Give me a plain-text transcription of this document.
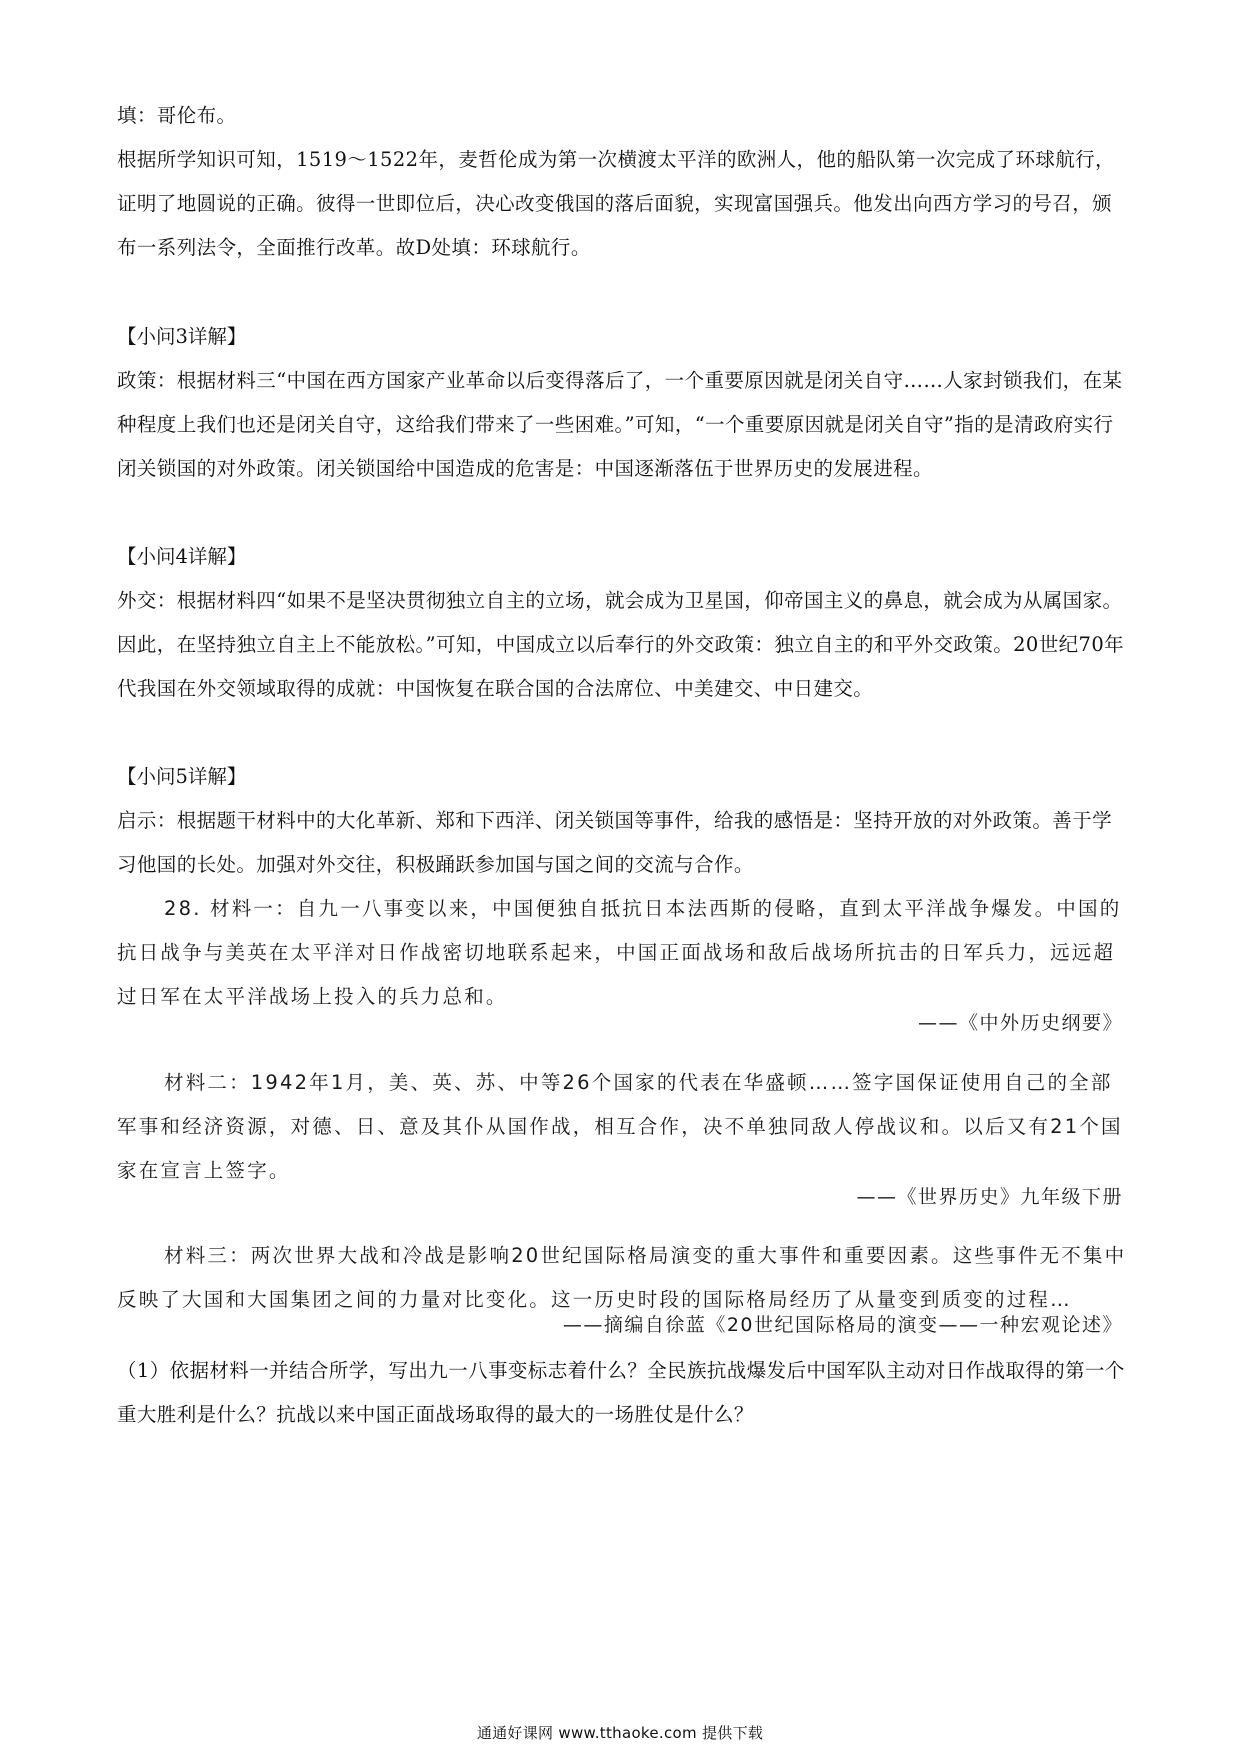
填：哥伦布。
根据所学知识可知，1519～1522年，麦哲伦成为第一次横渡太平洋的欧洲人，他的船队第一次完成了环球航行，证明了地圆说的正确。彼得一世即位后，决心改变俄国的落后面貌，实现富国强兵。他发出向西方学习的号召，颁布一系列法令，全面推行改革。故D处填：环球航行。
【小问3详解】
政策：根据材料三“中国在西方国家产业革命以后变得落后了，一个重要原因就是闭关自守……人家封锁我们，在某种程度上我们也还是闭关自守，这给我们带来了一些困难。”可知，“一个重要原因就是闭关自守”指的是清政府实行闭关锁国的对外政策。闭关锁国给中国造成的危害是：中国逐渐落伍于世界历史的发展进程。
【小问4详解】
外交：根据材料四“如果不是坚决贯彻独立自主的立场，就会成为卫星国，仰帝国主义的鼻息，就会成为从属国家。因此，在坚持独立自主上不能放松。”可知，中国成立以后奉行的外交政策：独立自主的和平外交政策。20世纪70年代我国在外交领域取得的成就：中国恢复在联合国的合法席位、中美建交、中日建交。
【小问5详解】
启示：根据题干材料中的大化革新、郑和下西洋、闭关锁国等事件，给我的感悟是：坚持开放的对外政策。善于学习他国的长处。加强对外交往，积极踊跃参加国与国之间的交流与合作。
28. 材料一：自九一八事变以来，中国便独自抵抗日本法西斯的侵略，直到太平洋战争爆发。中国的抗日战争与美英在太平洋对日作战密切地联系起来，中国正面战场和敌后战场所抗击的日军兵力，远远超过日军在太平洋战场上投入的兵力总和。
——《中外历史纲要》
材料二：1942年1月，美、英、苏、中等26个国家的代表在华盛顿……签字国保证使用自己的全部军事和经济资源，对德、日、意及其仆从国作战，相互合作，决不单独同敌人停战议和。以后又有21个国家在宣言上签字。
——《世界历史》九年级下册
材料三：两次世界大战和冷战是影响20世纪国际格局演变的重大事件和重要因素。这些事件无不集中反映了大国和大国集团之间的力量对比变化。这一历史时段的国际格局经历了从量变到质变的过程…
——摘编自徐蓝《20世纪国际格局的演变——一种宏观论述》
（1）依据材料一并结合所学，写出九一八事变标志着什么？全民族抗战爆发后中国军队主动对日作战取得的第一个重大胜利是什么？抗战以来中国正面战场取得的最大的一场胜仗是什么？
通通好课网 www.tthaoke.com 提供下载
